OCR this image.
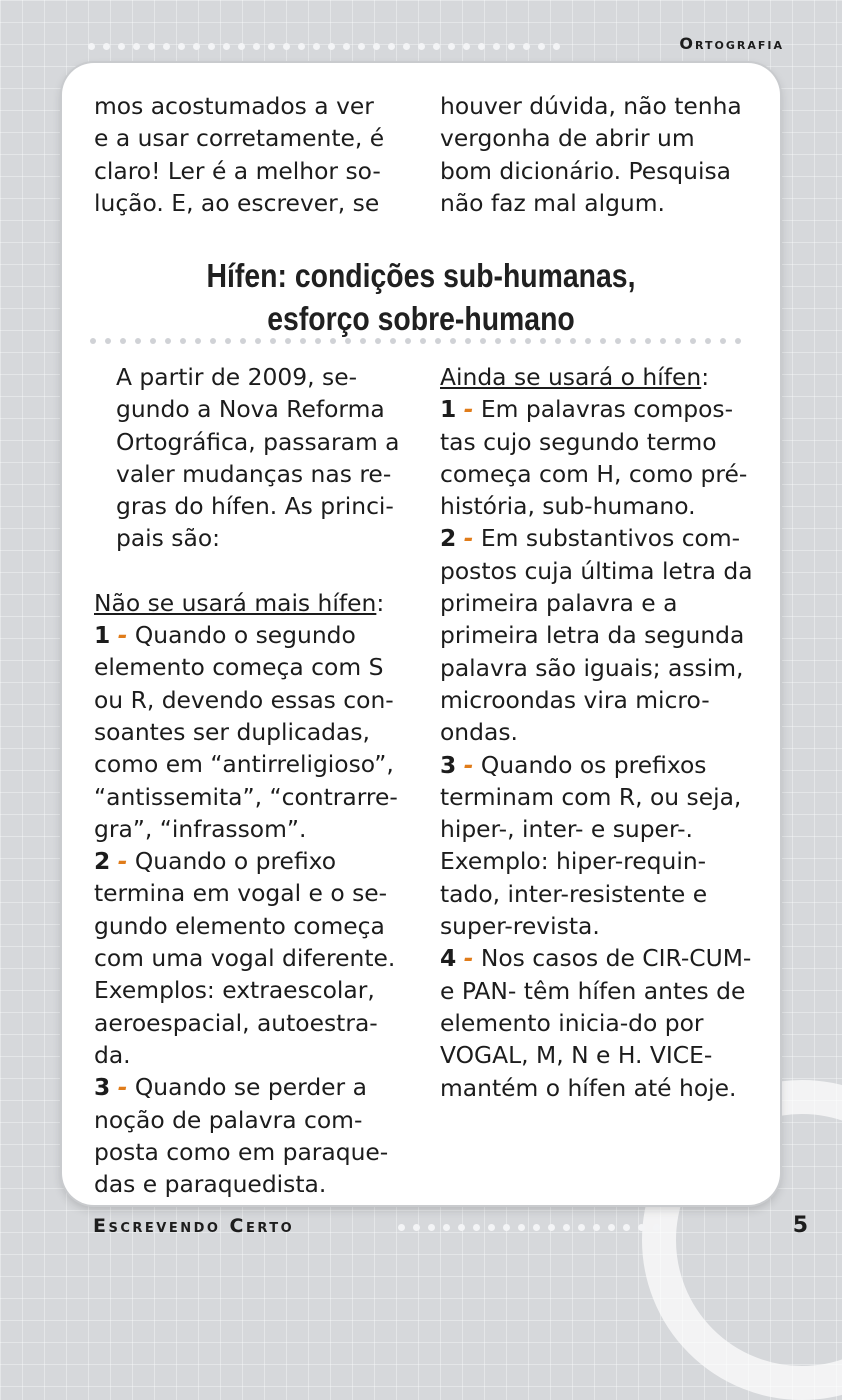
Ortografia

mos acostumados a ver e a usar corretamente, é claro! Ler é a melhor so-lução. E, ao escrever, se

houver dúvida, não tenha vergonha de abrir um bom dicionário. Pesquisa não faz mal algum.

Hífen: condições sub-humanas,
esforço sobre-humano

A partir de 2009, se-gundo a Nova Reforma Ortográfica, passaram a valer mudanças nas re-gras do hífen. As princi-pais são:

Não se usará mais hífen:

1 - Quando o segundo elemento começa com S ou R, devendo essas con-soantes ser duplicadas, como em “antirreligioso”, “antissemita”, “contrarre-gra”, “infrassom”.

2 - Quando o prefixo termina em vogal e o se-gundo elemento começa com uma vogal diferente. Exemplos: extraescolar, aeroespacial, autoestra-da.

3 - Quando se perder a noção de palavra com-posta como em paraque-das e paraquedista.

Ainda se usará o hífen:

1 - Em palavras compos-tas cujo segundo termo começa com H, como pré-história, sub-humano.

2 - Em substantivos com-postos cuja última letra da primeira palavra e a primeira letra da segunda palavra são iguais; assim, microondas vira micro-ondas.

3 - Quando os prefixos terminam com R, ou seja, hiper-, inter- e super-. Exemplo: hiper-requin-tado, inter-resistente e super-revista.

4 - Nos casos de CIR-CUM- e PAN- têm hífen antes de elemento inicia-do por VOGAL, M, N e H. VICE- mantém o hífen até hoje.

Escrevendo Certo	5
